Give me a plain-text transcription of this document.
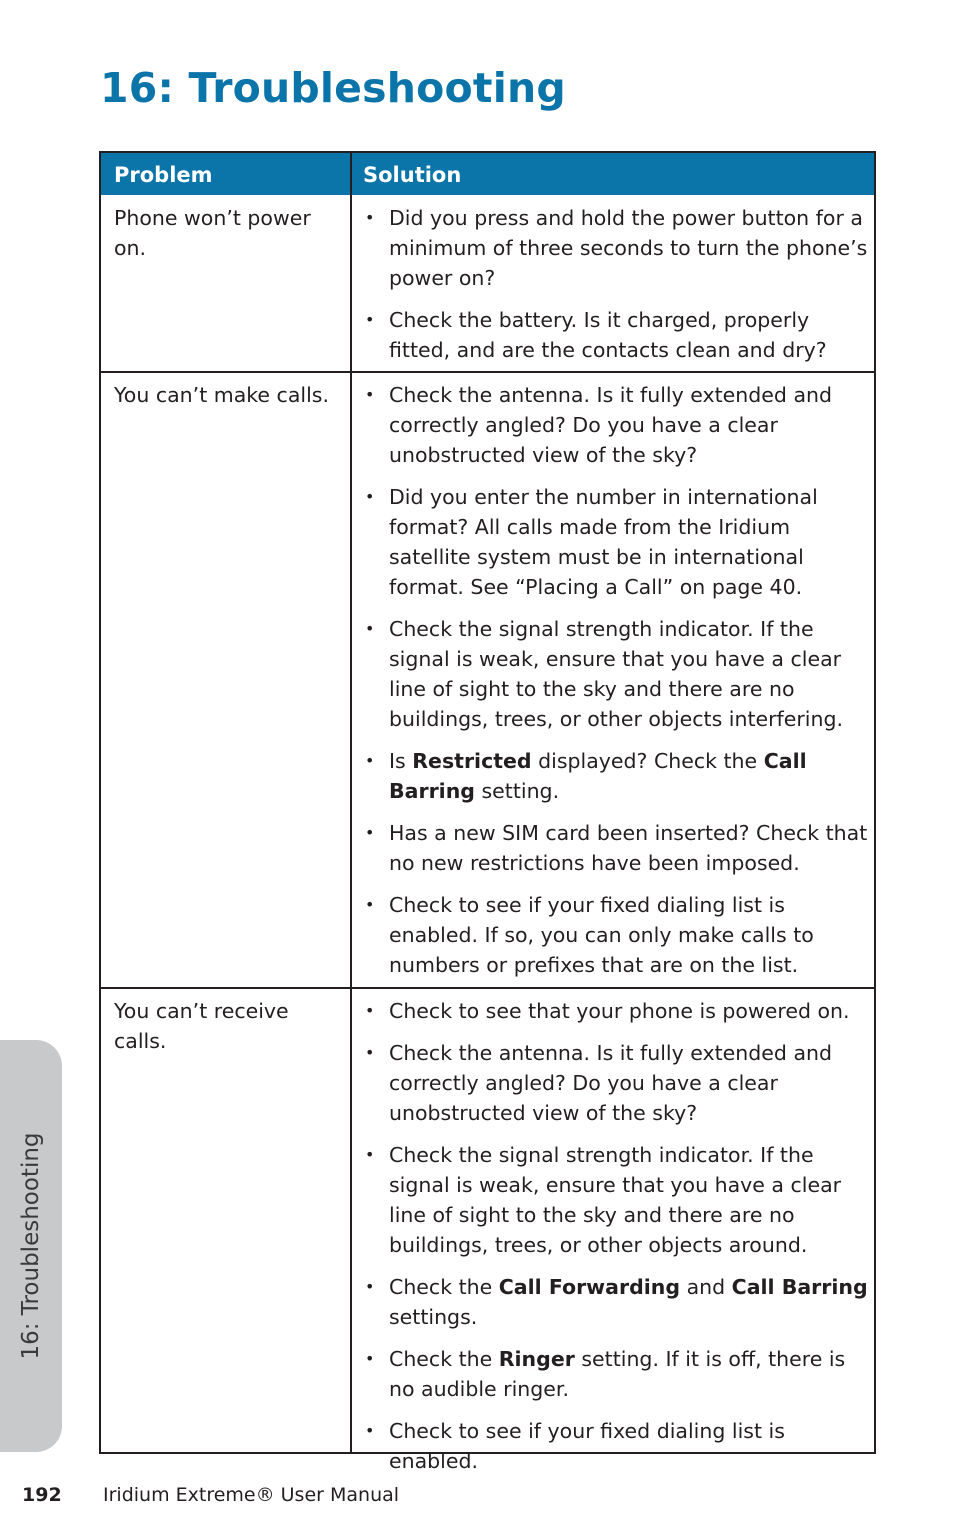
16: Troubleshooting
Problem	Solution
Phone won’t power on.
• Did you press and hold the power button for a minimum of three seconds to turn the phone’s power on?
• Check the battery. Is it charged, properly fitted, and are the contacts clean and dry?
You can’t make calls.
•	Check the antenna. Is it fully extended and correctly angled? Do you have a clear unobstructed view of the sky?
• Did you enter the number in international format? All calls made from the Iridium satellite system must be in international format. See “Placing a Call” on page 40.
• Check the signal strength indicator. If the signal is weak, ensure that you have a clear line of sight to the sky and there are no buildings, trees, or other objects interfering.
• Is Restricted displayed? Check the Call Barring setting.
• Has a new SIM card been inserted? Check that no new restrictions have been imposed.
• Check to see if your fixed dialing list is enabled. If so, you can only make calls to numbers or prefixes that are on the list.
You can’t receive calls.
• Check to see that your phone is powered on.
• Check the antenna. Is it fully extended and correctly angled? Do you have a clear unobstructed view of the sky?
• Check the signal strength indicator. If the signal is weak, ensure that you have a clear line of sight to the sky and there are no buildings, trees, or other objects around.
• Check the Call Forwarding and Call Barring settings.
• Check the Ringer setting. If it is off, there is no audible ringer.
• Check to see if your fixed dialing list is enabled.
16: Troubleshooting
192 Iridium Extreme® User Manual
